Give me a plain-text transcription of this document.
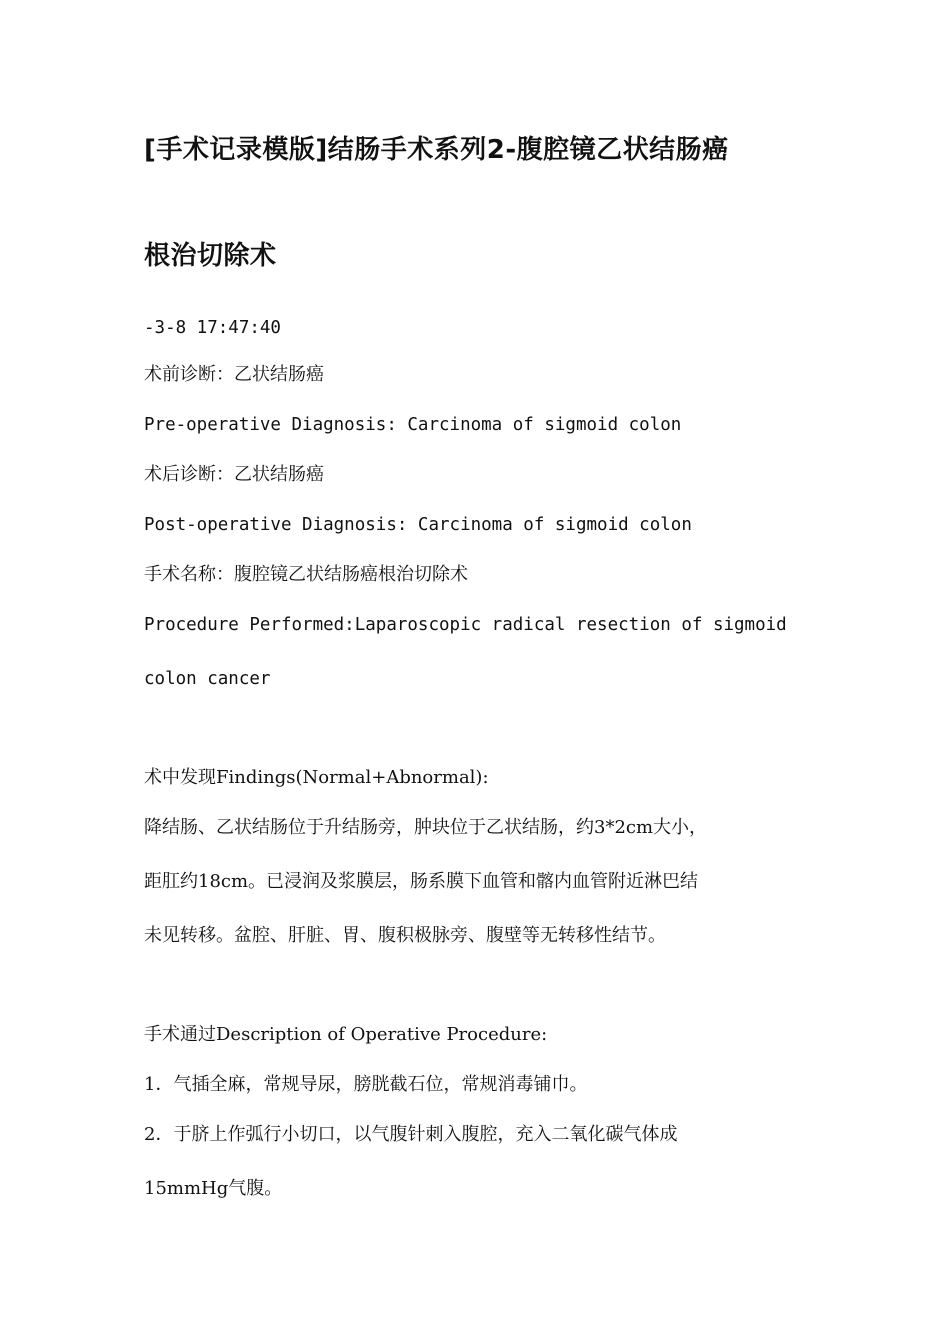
[手术记录模版]结肠手术系列2-腹腔镜乙状结肠癌
根治切除术
-3-8 17:47:40
术前诊断：乙状结肠癌
Pre-operative Diagnosis: Carcinoma of sigmoid colon
术后诊断：乙状结肠癌
Post-operative Diagnosis: Carcinoma of sigmoid colon
手术名称：腹腔镜乙状结肠癌根治切除术
Procedure Performed:Laparoscopic radical resection of sigmoid
colon cancer
术中发现Findings(Normal+Abnormal):
降结肠、乙状结肠位于升结肠旁，肿块位于乙状结肠，约3*2cm大小，
距肛约18cm。已浸润及浆膜层，肠系膜下血管和髂内血管附近淋巴结
未见转移。盆腔、肝脏、胃、腹积极脉旁、腹壁等无转移性结节。
手术通过Description of Operative Procedure:
1．气插全麻，常规导尿，膀胱截石位，常规消毒铺巾。
2．于脐上作弧行小切口，以气腹针刺入腹腔，充入二氧化碳气体成
15mmHg气腹。
